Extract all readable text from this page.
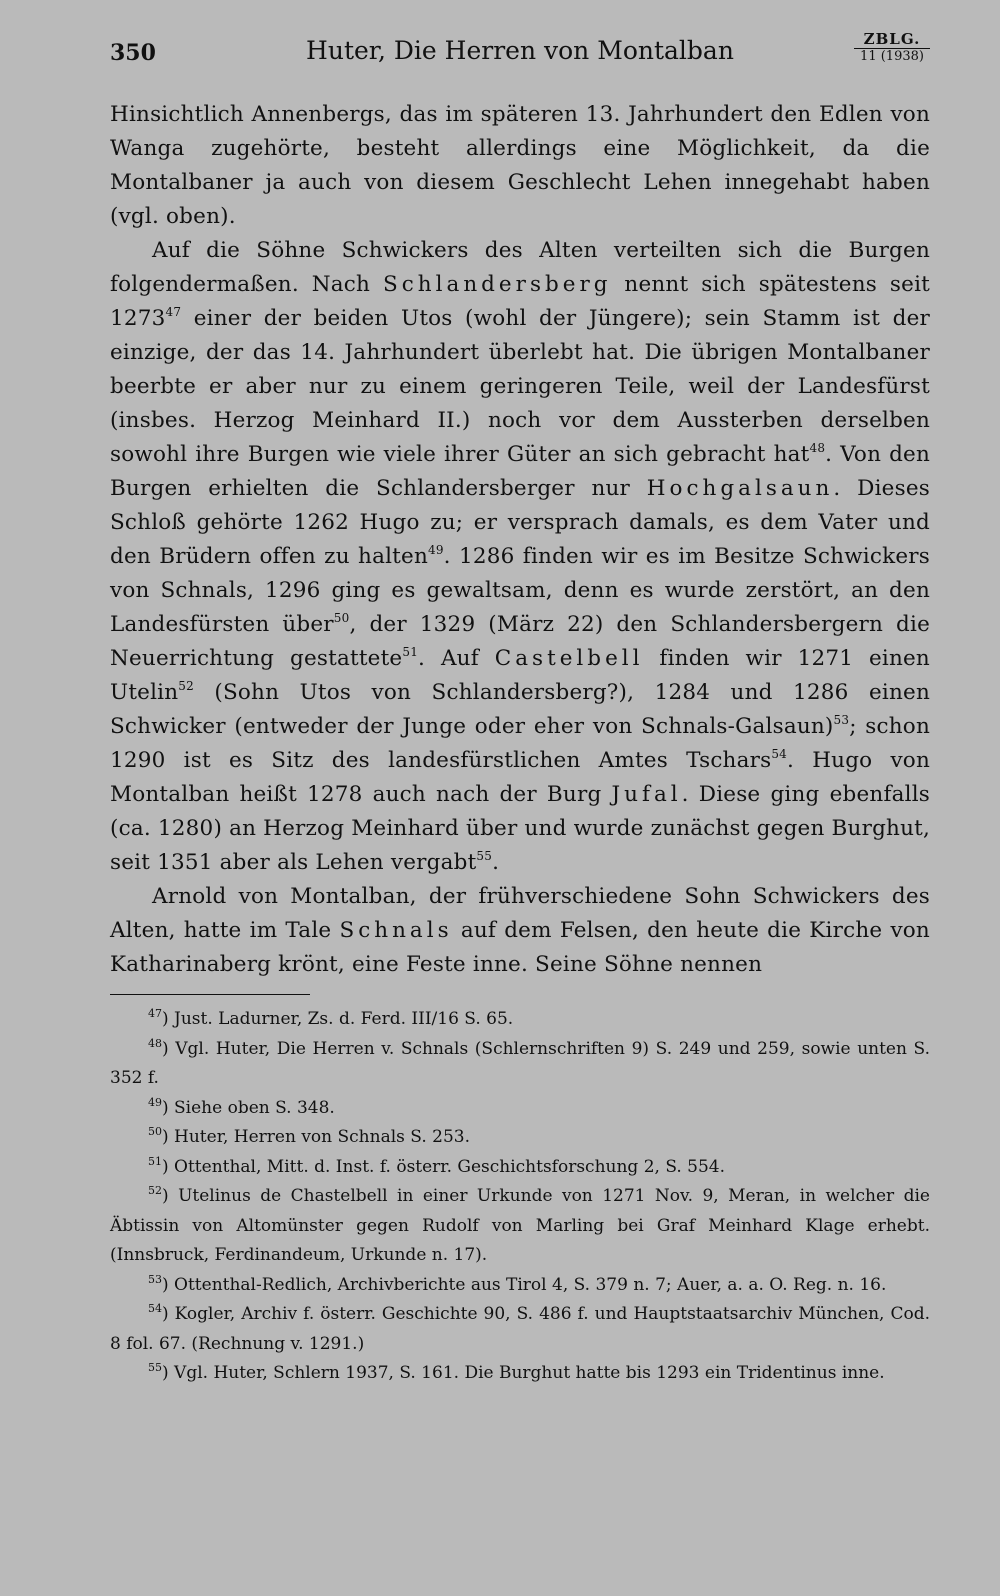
350	Huter, Die Herren von Montalban	ZBLG.
11 (1938)

Hinsichtlich Annenbergs, das im späteren 13. Jahrhundert den Edlen von Wanga zugehörte, besteht allerdings eine Möglichkeit, da die Montalbaner ja auch von diesem Geschlecht Lehen innegehabt haben (vgl. oben).

Auf die Söhne Schwickers des Alten verteilten sich die Burgen folgendermaßen. Nach Schlandersberg nennt sich spätestens seit 1273$^{47}$ einer der beiden Utos (wohl der Jüngere); sein Stamm ist der einzige, der das 14. Jahrhundert überlebt hat. Die übrigen Montalbaner beerbte er aber nur zu einem geringeren Teile, weil der Landesfürst (insbes. Herzog Meinhard II.) noch vor dem Aussterben derselben sowohl ihre Burgen wie viele ihrer Güter an sich gebracht hat$^{48}$. Von den Burgen erhielten die Schlandersberger nur Hochgalsaun. Dieses Schloß gehörte 1262 Hugo zu; er versprach damals, es dem Vater und den Brüdern offen zu halten$^{49}$. 1286 finden wir es im Besitze Schwickers von Schnals, 1296 ging es gewaltsam, denn es wurde zerstört, an den Landesfürsten über$^{50}$, der 1329 (März 22) den Schlandersbergern die Neuerrichtung gestattete$^{51}$. Auf Castelbell finden wir 1271 einen Utelin$^{52}$ (Sohn Utos von Schlandersberg?), 1284 und 1286 einen Schwicker (entweder der Junge oder eher von Schnals-Galsaun)$^{53}$; schon 1290 ist es Sitz des landesfürstlichen Amtes Tschars$^{54}$. Hugo von Montalban heißt 1278 auch nach der Burg Jufal. Diese ging ebenfalls (ca. 1280) an Herzog Meinhard über und wurde zunächst gegen Burghut, seit 1351 aber als Lehen vergabt$^{55}$.

Arnold von Montalban, der frühverschiedene Sohn Schwickers des Alten, hatte im Tale Schnals auf dem Felsen, den heute die Kirche von Katharinaberg krönt, eine Feste inne. Seine Söhne nennen

$^{47}$) Just. Ladurner, Zs. d. Ferd. III/16 S. 65.

$^{48}$) Vgl. Huter, Die Herren v. Schnals (Schlernschriften 9) S. 249 und 259, sowie unten S. 352 f.

$^{49}$) Siehe oben S. 348.

$^{50}$) Huter, Herren von Schnals S. 253.

$^{51}$) Ottenthal, Mitt. d. Inst. f. österr. Geschichtsforschung 2, S. 554.

$^{52}$) Utelinus de Chastelbell in einer Urkunde von 1271 Nov. 9, Meran, in welcher die Äbtissin von Altomünster gegen Rudolf von Marling bei Graf Meinhard Klage erhebt. (Innsbruck, Ferdinandeum, Urkunde n. 17).

$^{53}$) Ottenthal-Redlich, Archivberichte aus Tirol 4, S. 379 n. 7; Auer, a. a. O. Reg. n. 16.

$^{54}$) Kogler, Archiv f. österr. Geschichte 90, S. 486 f. und Hauptstaatsarchiv München, Cod. 8 fol. 67. (Rechnung v. 1291.)

$^{55}$) Vgl. Huter, Schlern 1937, S. 161. Die Burghut hatte bis 1293 ein Tridentinus inne.
